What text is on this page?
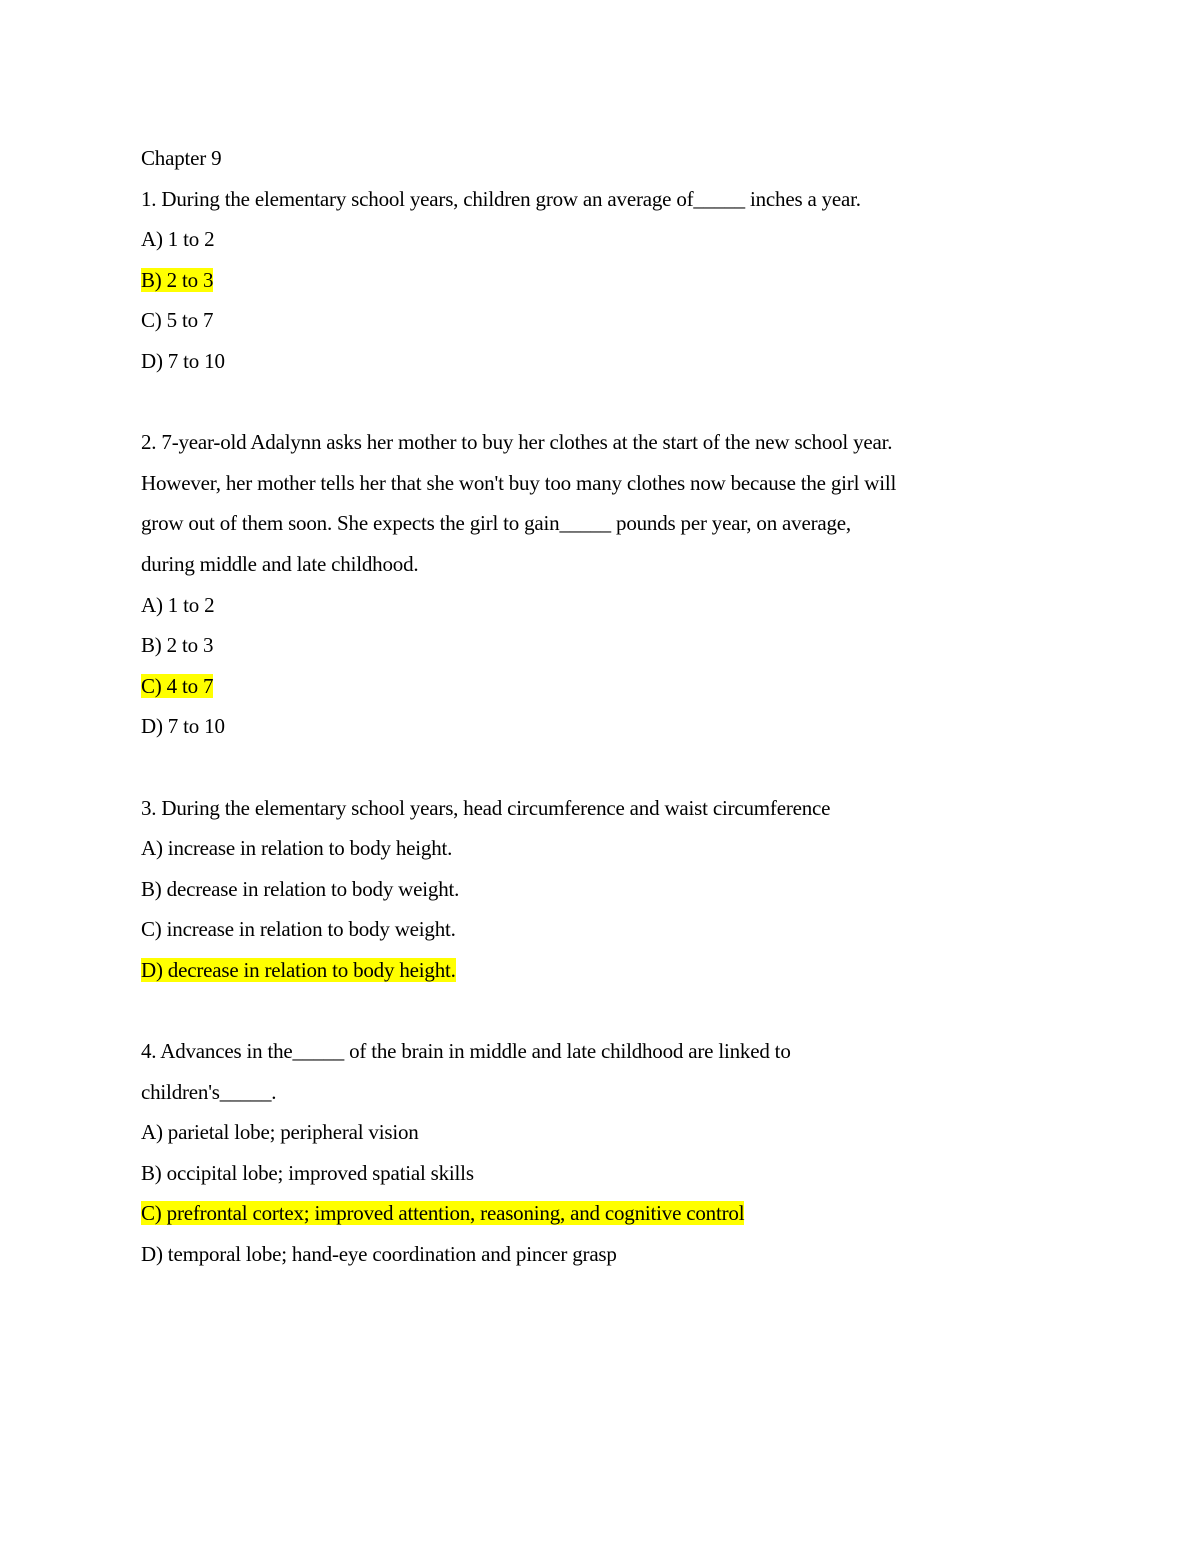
Chapter 9
1. During the elementary school years, children grow an average of_____ inches a year.
A) 1 to 2
B) 2 to 3
C) 5 to 7
D) 7 to 10
2. 7-year-old Adalynn asks her mother to buy her clothes at the start of the new school year.
However, her mother tells her that she won't buy too many clothes now because the girl will
grow out of them soon. She expects the girl to gain_____ pounds per year, on average,
during middle and late childhood.
A) 1 to 2
B) 2 to 3
C) 4 to 7
D) 7 to 10
3. During the elementary school years, head circumference and waist circumference
A) increase in relation to body height.
B) decrease in relation to body weight.
C) increase in relation to body weight.
D) decrease in relation to body height.
4. Advances in the_____ of the brain in middle and late childhood are linked to
children's_____.
A) parietal lobe; peripheral vision
B) occipital lobe; improved spatial skills
C) prefrontal cortex; improved attention, reasoning, and cognitive control
D) temporal lobe; hand-eye coordination and pincer grasp
